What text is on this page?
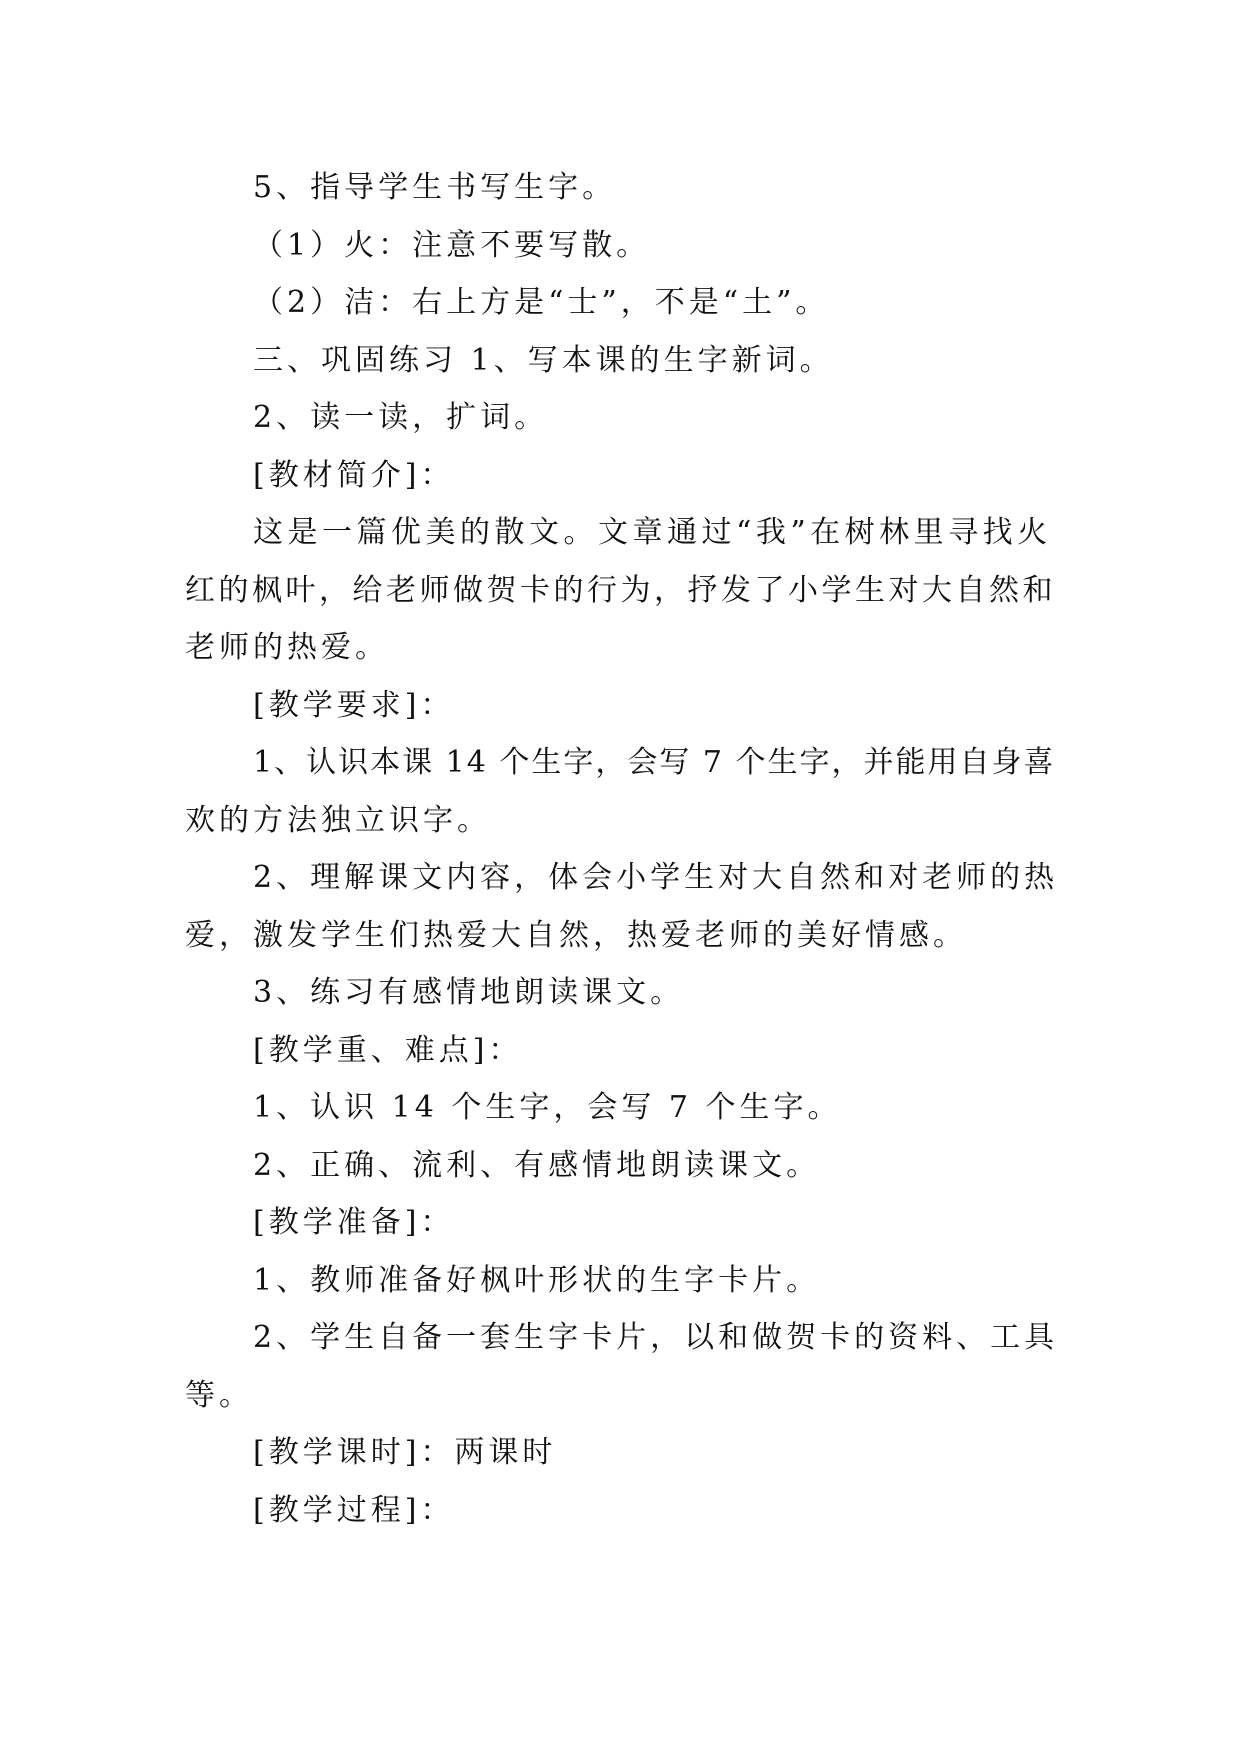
5、指导学生书写生字。
（1）火：注意不要写散。
（2）洁：右上方是“士”，不是“土”。
三、巩固练习 1、写本课的生字新词。
2、读一读，扩词。
[教材简介]：
这是一篇优美的散文。文章通过“我”在树林里寻找火
红的枫叶，给老师做贺卡的行为，抒发了小学生对大自然和
老师的热爱。
[教学要求]：
1、认识本课 14 个生字，会写 7 个生字，并能用自身喜
欢的方法独立识字。
2、理解课文内容，体会小学生对大自然和对老师的热
爱，激发学生们热爱大自然，热爱老师的美好情感。
3、练习有感情地朗读课文。
[教学重、难点]：
1、认识 14 个生字，会写 7 个生字。
2、正确、流利、有感情地朗读课文。
[教学准备]：
1、教师准备好枫叶形状的生字卡片。
2、学生自备一套生字卡片，以和做贺卡的资料、工具
等。
[教学课时]：两课时
[教学过程]：
